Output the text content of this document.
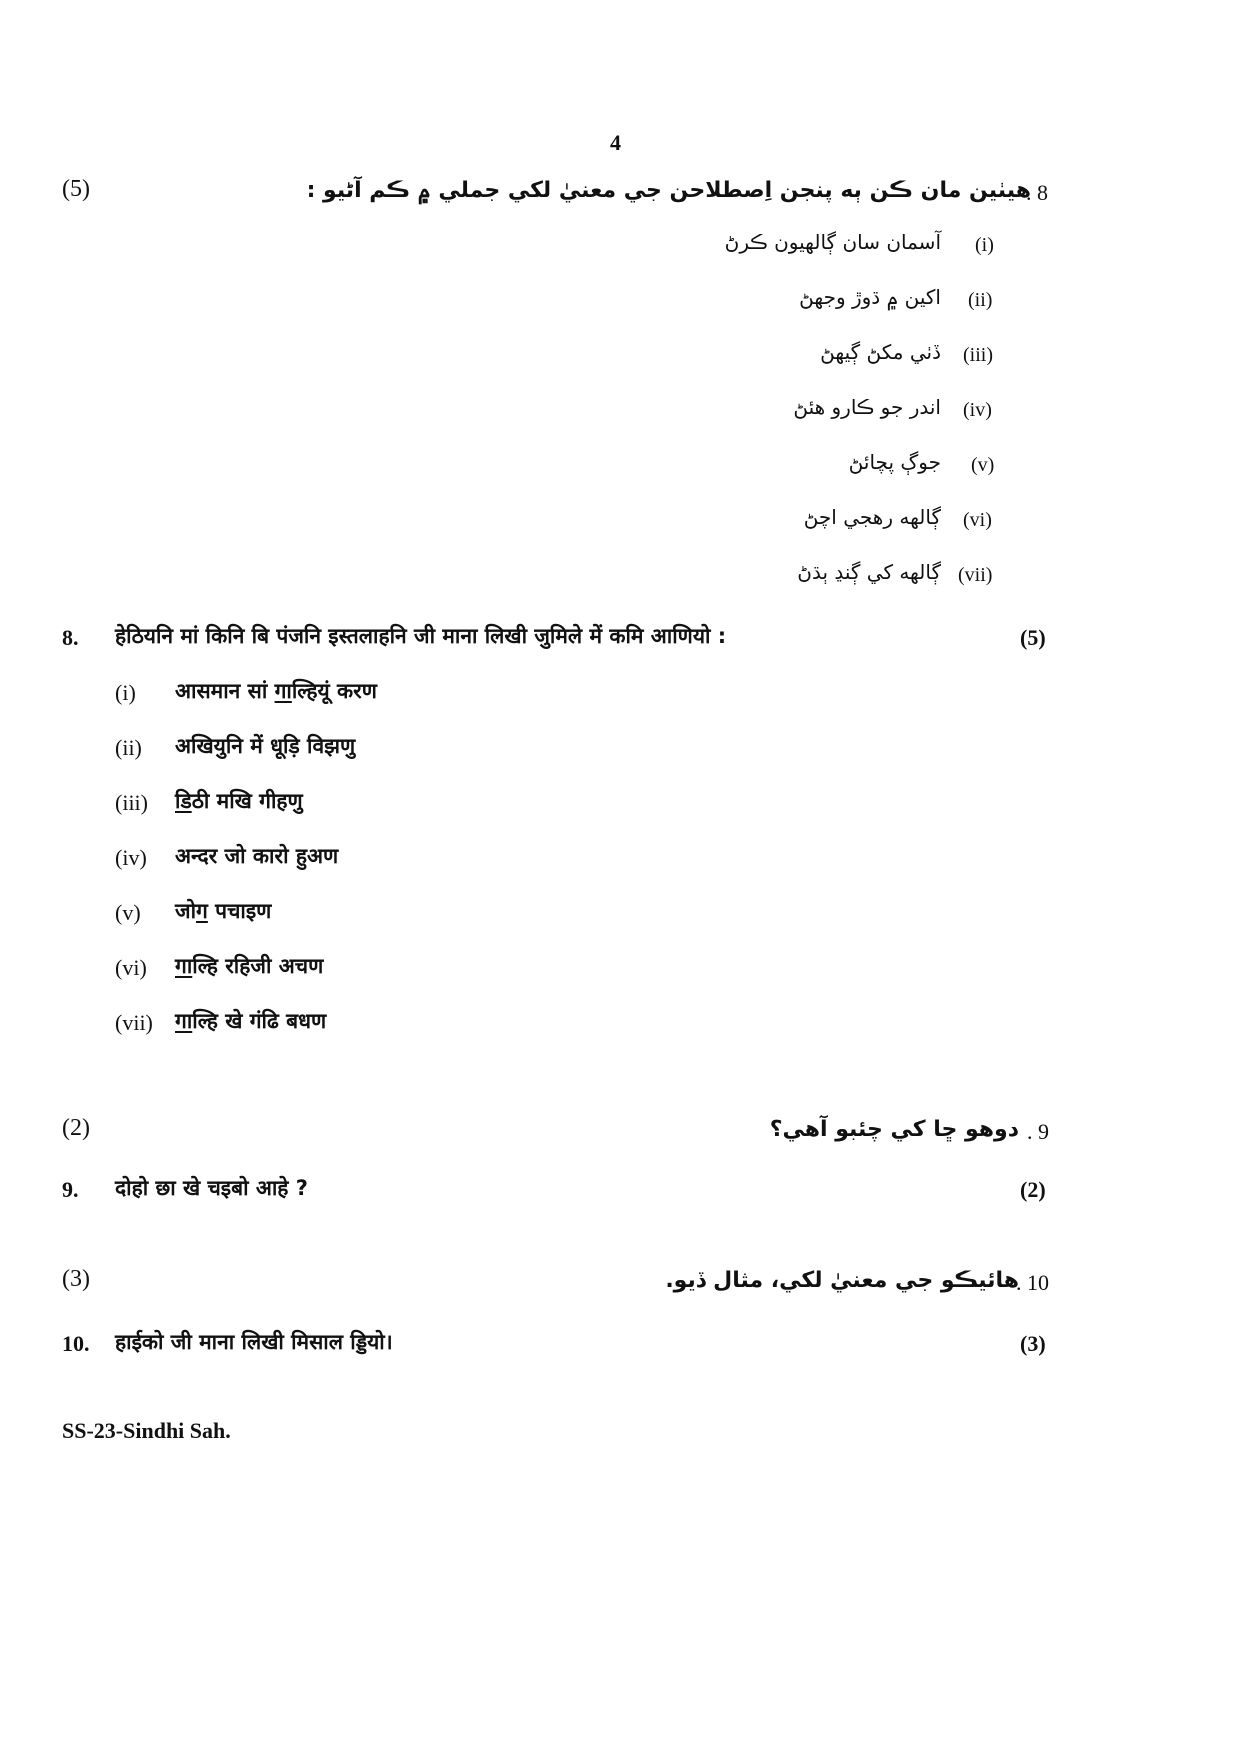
4
(5)	هيٺين مان ڪن ٻه پنجن اِصطلاحن جي معنيٰ لکي جملي ۾ ڪم آڻيو :
. 8
(i)
آسمان سان ڳالهيون ڪرڻ
(ii)
اکين ۾ ڌوڙ وجهڻ
(iii)
ڏٺي مکڻ ڳيهڻ
(iv)
اندر جو ڪارو هئڻ
(v)
جوڳ پچائڻ
(vi)
ڳالهه رهجي اچڻ
(vii)
ڳالهه کي ڳنڍ ٻڌڻ
8. हेठियनि मां किनि बि पंजनि इस्तलाहनि जी माना लिखी जुमिले में कमि आणियो :	(5)
(i) आसमान सां गाल्हियूं करण
(ii) अखियुनि में धूड़ि विझणु
(iii) डिठी मखि गीहणु
(iv) अन्दर जो कारो हुअण
(v) जोग पचाइण
(vi) गाल्हि रहिजी अचण
(vii) गाल्हि खे गंढि बधण
(2)	دوهو ڇا کي چئبو آهي؟ . 9
9. दोहो छा खे चइबो आहे ?	(2)
(3)	هائيڪو جي معنيٰ لکي، مثال ڏيو.
. 10
10. हाईको जी माना लिखी मिसाल ड्डियो।	(3)
SS-23-Sindhi Sah.
